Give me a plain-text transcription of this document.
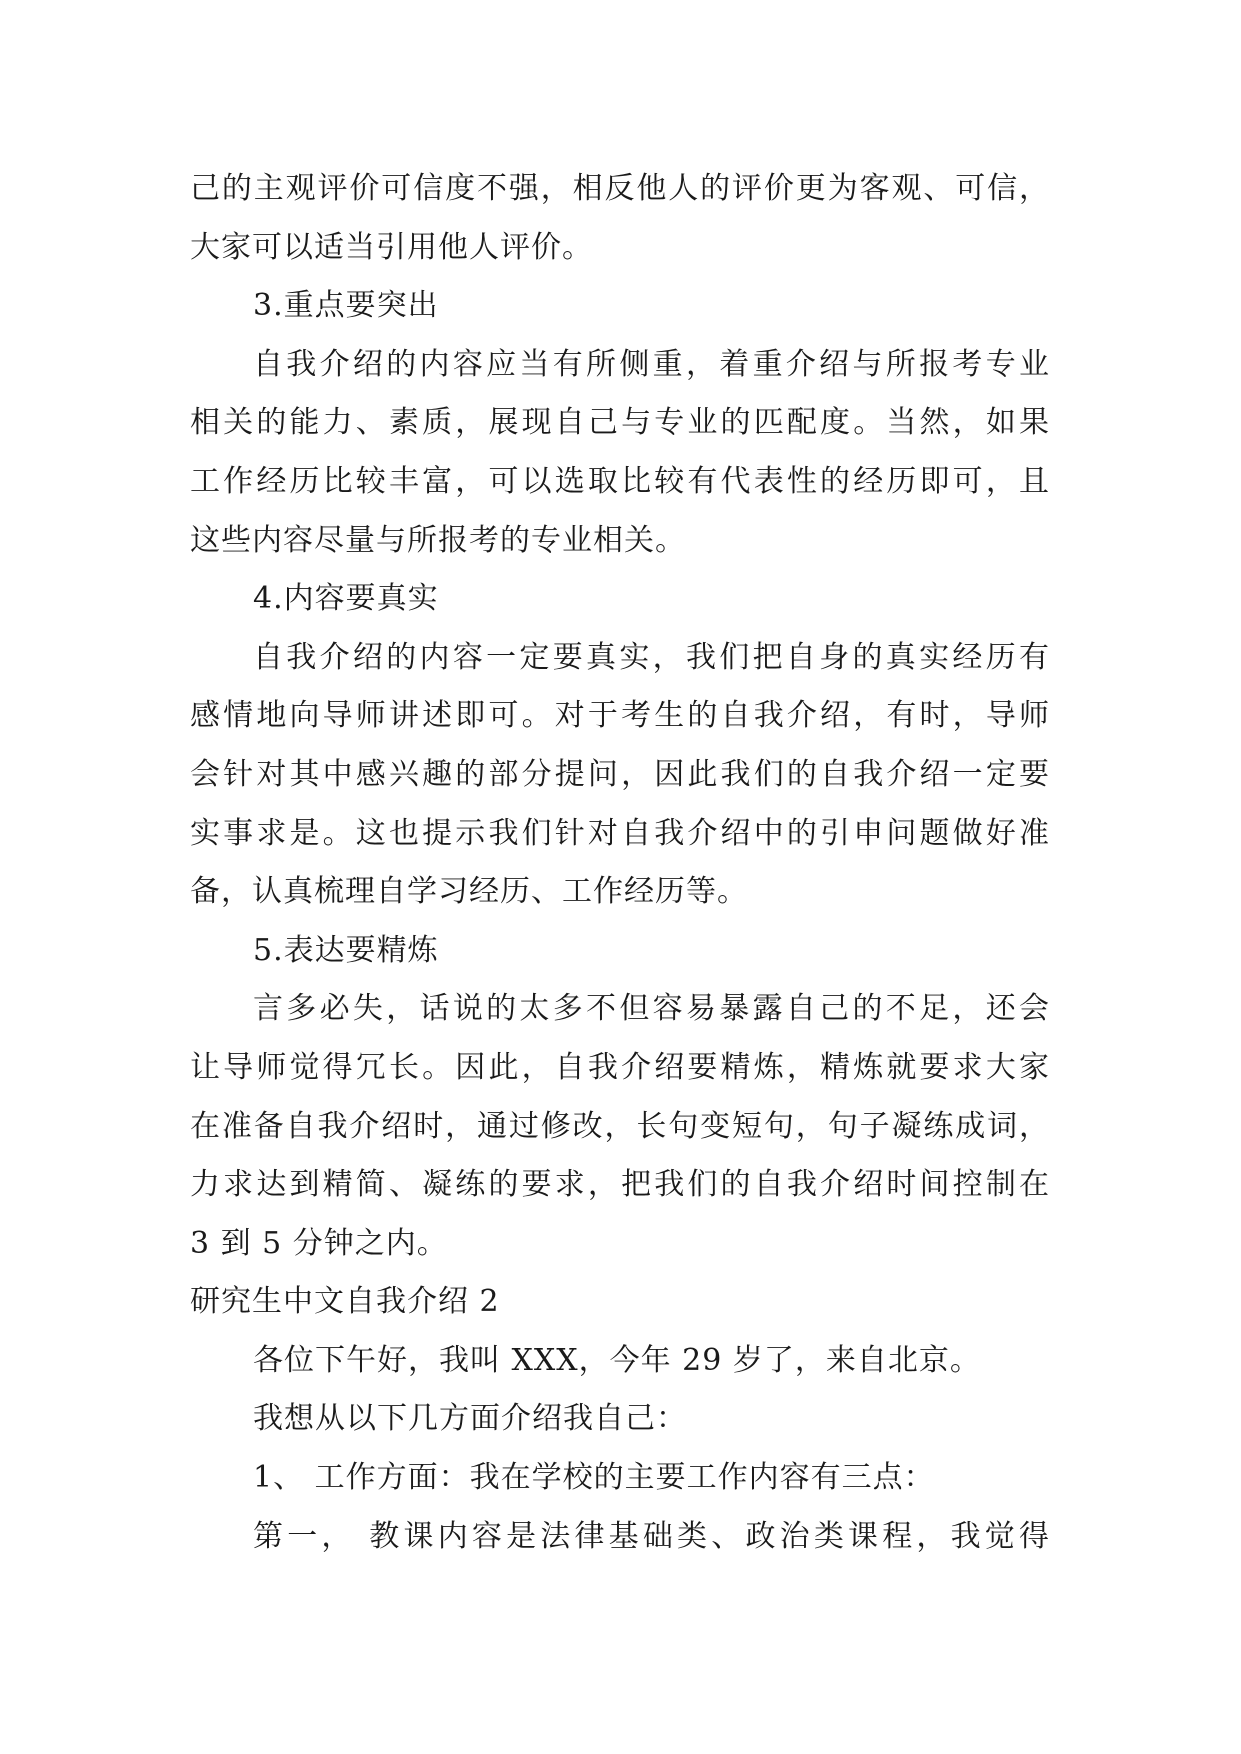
己的主观评价可信度不强，相反他人的评价更为客观、可信，
大家可以适当引用他人评价。
3.重点要突出
自我介绍的内容应当有所侧重，着重介绍与所报考专业
相关的能力、素质，展现自己与专业的匹配度。当然，如果
工作经历比较丰富，可以选取比较有代表性的经历即可，且
这些内容尽量与所报考的专业相关。
4.内容要真实
自我介绍的内容一定要真实，我们把自身的真实经历有
感情地向导师讲述即可。对于考生的自我介绍，有时，导师
会针对其中感兴趣的部分提问，因此我们的自我介绍一定要
实事求是。这也提示我们针对自我介绍中的引申问题做好准
备，认真梳理自学习经历、工作经历等。
5.表达要精炼
言多必失，话说的太多不但容易暴露自己的不足，还会
让导师觉得冗长。因此，自我介绍要精炼，精炼就要求大家
在准备自我介绍时，通过修改，长句变短句，句子凝练成词，
力求达到精简、凝练的要求，把我们的自我介绍时间控制在
3 到 5 分钟之内。
研究生中文自我介绍 2
各位下午好，我叫 XXX，今年 29 岁了，来自北京。
我想从以下几方面介绍我自己：
1、 工作方面：我在学校的主要工作内容有三点：
第一， 教课内容是法律基础类、政治类课程，我觉得
